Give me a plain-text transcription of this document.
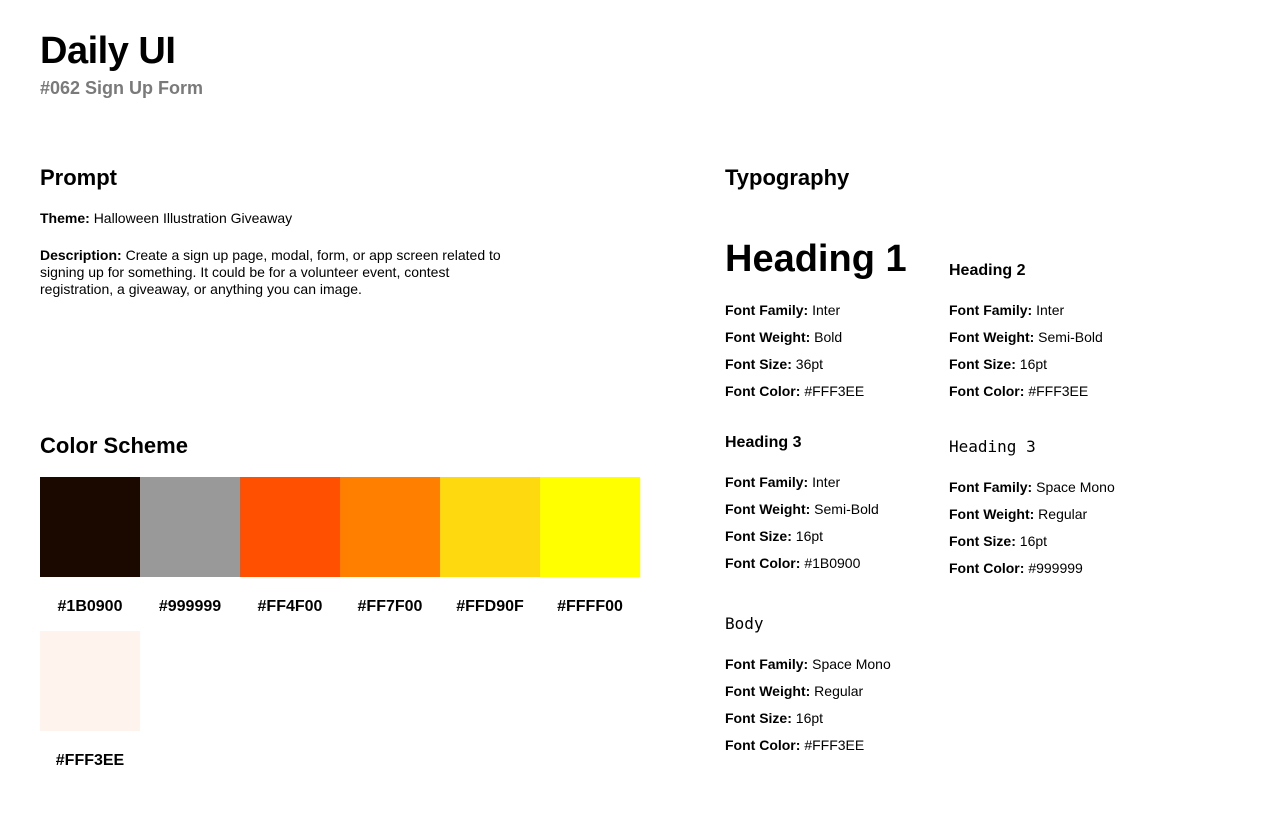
Daily UI
#062 Sign Up Form
Prompt
Theme: Halloween Illustration Giveaway
Description: Create a sign up page, modal, form, or app screen related to signing up for something. It could be for a volunteer event, contest registration, a giveaway, or anything you can image.
Color Scheme
#1B0900	#999999	#FF4F00	#FF7F00	#FFD90F	#FFFF00
#FFF3EE
Typography
Heading 1
Font Family: Inter
Font Weight: Bold
Font Size: 36pt
Font Color: #FFF3EE
Heading 2
Font Family: Inter
Font Weight: Semi-Bold
Font Size: 16pt
Font Color: #FFF3EE
Heading 3
Font Family: Inter
Font Weight: Semi-Bold
Font Size: 16pt
Font Color: #1B0900
Heading 3
Font Family: Space Mono
Font Weight: Regular
Font Size: 16pt
Font Color: #999999
Body
Font Family: Space Mono
Font Weight: Regular
Font Size: 16pt
Font Color: #FFF3EE
